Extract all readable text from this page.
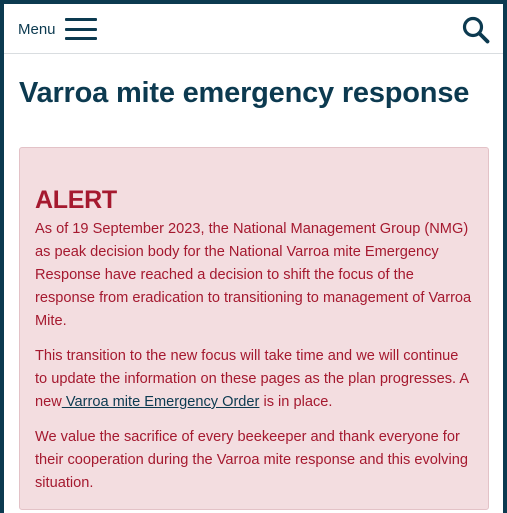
Menu
Varroa mite emergency response
ALERT

As of 19 September 2023, the National Management Group (NMG) as peak decision body for the National Varroa mite Emergency Response have reached a decision to shift the focus of the response from eradication to transitioning to management of Varroa Mite.

This transition to the new focus will take time and we will continue to update the information on these pages as the plan progresses. A new Varroa mite Emergency Order is in place.

We value the sacrifice of every beekeeper and thank everyone for their cooperation during the Varroa mite response and this evolving situation.
